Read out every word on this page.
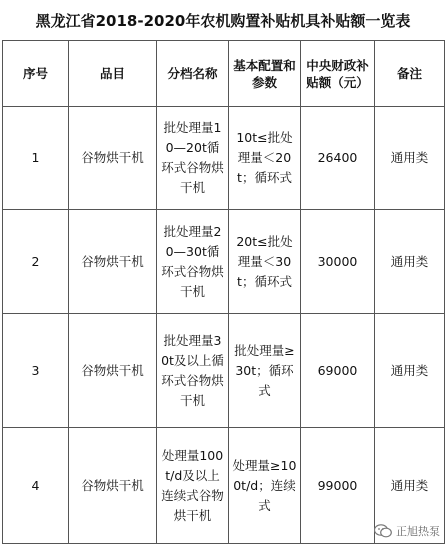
黑龙江省2018-2020年农机购置补贴机具补贴额一览表
序号	品目	分档名称	基本配置和参数	中央财政补贴额（元）	备注
1	谷物烘干机	批处理量10—20t循环式谷物烘干机	10t≤批处理量＜20t；循环式	26400	通用类
2	谷物烘干机	批处理量20—30t循环式谷物烘干机	20t≤批处理量＜30t；循环式	30000	通用类
3	谷物烘干机	批处理量30t及以上循环式谷物烘干机	批处理量≥30t；循环式	69000	通用类
4	谷物烘干机	处理量100t/d及以上连续式谷物烘干机	处理量≥100t/d；连续式	99000	通用类
正旭热泵
